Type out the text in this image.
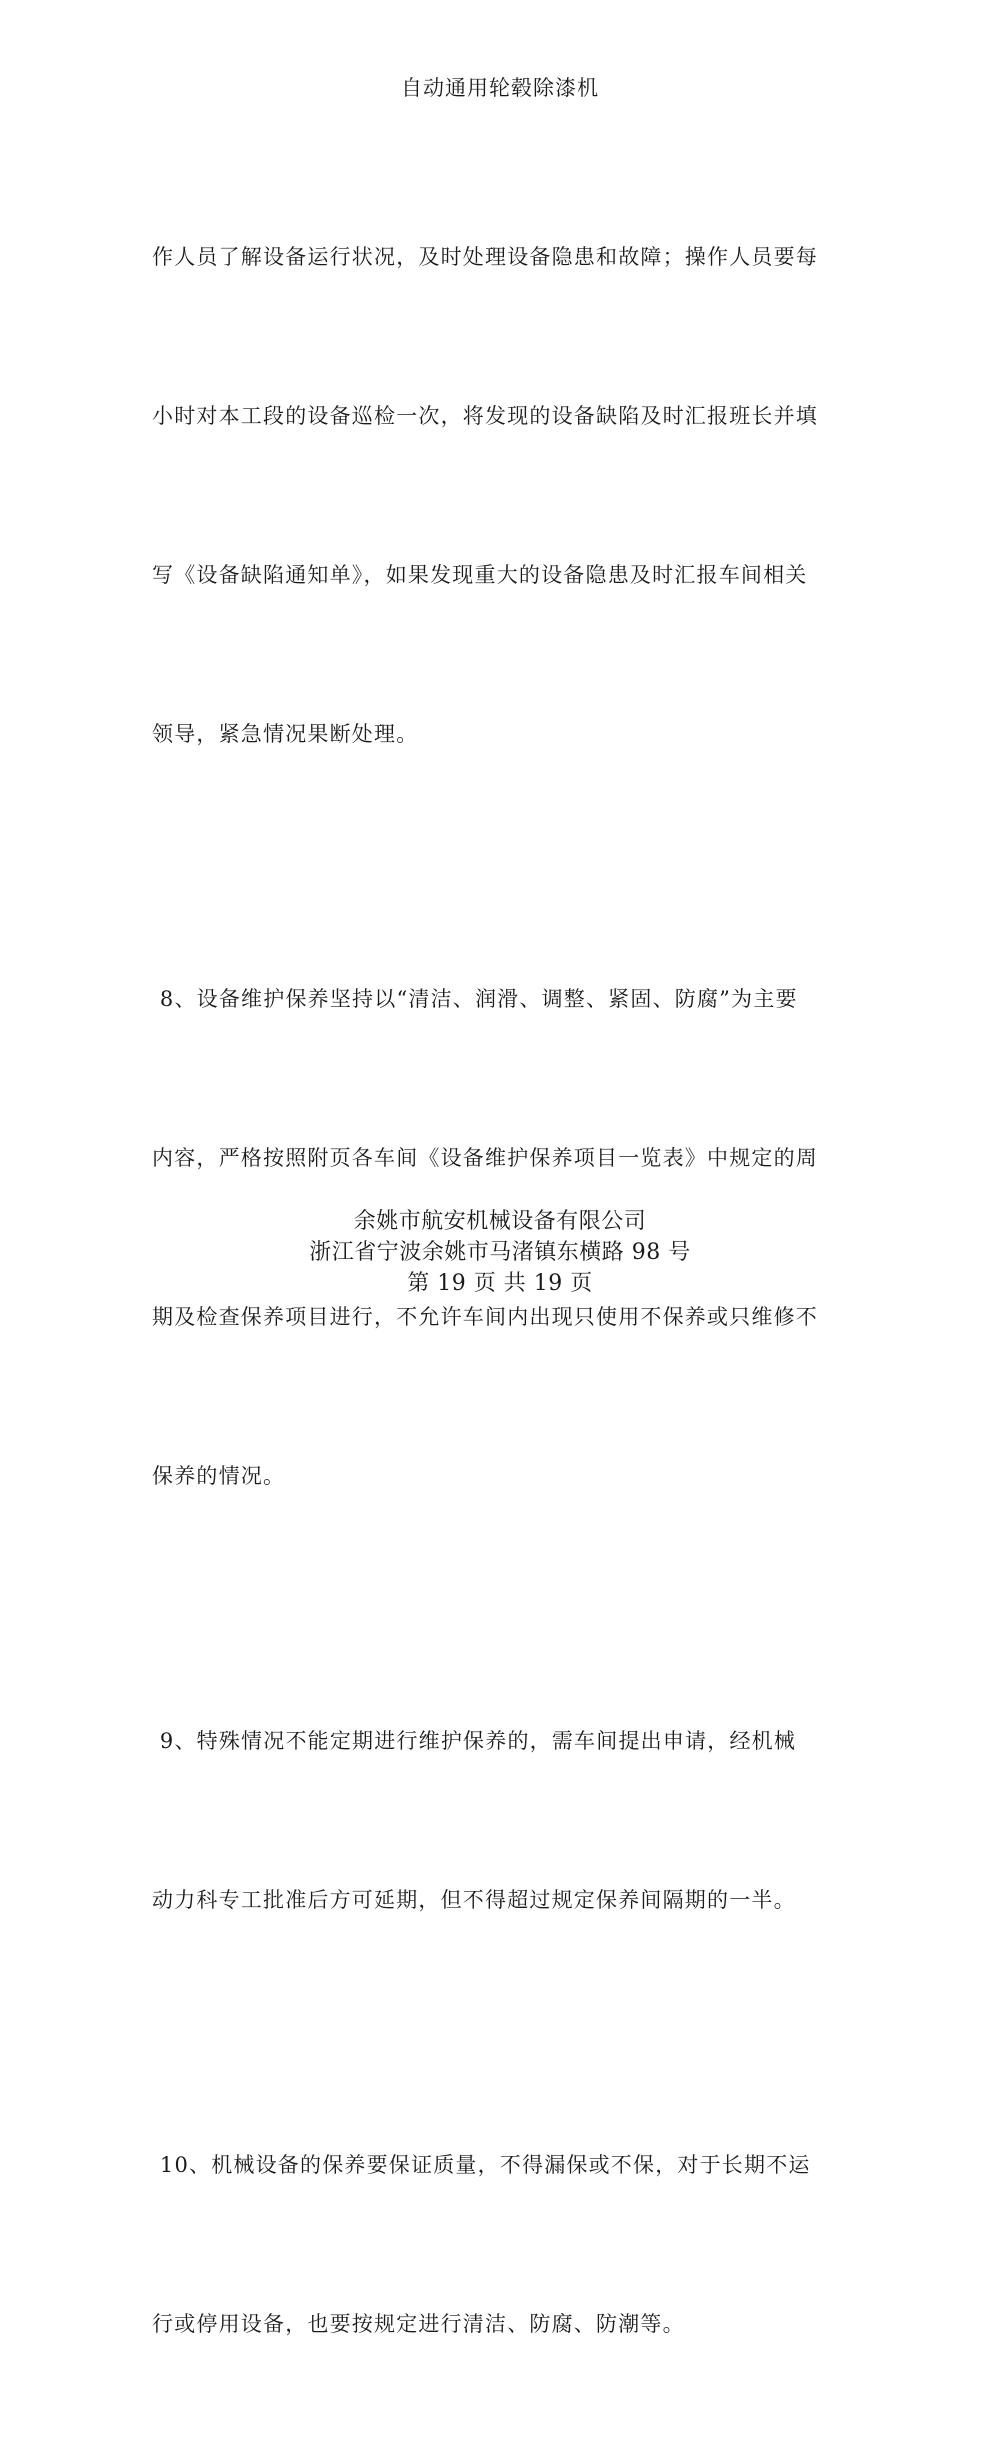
自动通用轮毂除漆机

作人员了解设备运行状况，及时处理设备隐患和故障；操作人员要每

小时对本工段的设备巡检一次，将发现的设备缺陷及时汇报班长并填

写《设备缺陷通知单》，如果发现重大的设备隐患及时汇报车间相关

领导，紧急情况果断处理。

8、设备维护保养坚持以“清洁、润滑、调整、紧固、防腐”为主要

内容，严格按照附页各车间《设备维护保养项目一览表》中规定的周

期及检查保养项目进行，不允许车间内出现只使用不保养或只维修不

保养的情况。

9、特殊情况不能定期进行维护保养的，需车间提出申请，经机械

动力科专工批准后方可延期，但不得超过规定保养间隔期的一半。

10、机械设备的保养要保证质量，不得漏保或不保，对于长期不运

行或停用设备，也要按规定进行清洁、防腐、防潮等。

余姚市航安机械设备有限公司
浙江省宁波余姚市马渚镇东横路 98 号
第 19 页 共 19 页
